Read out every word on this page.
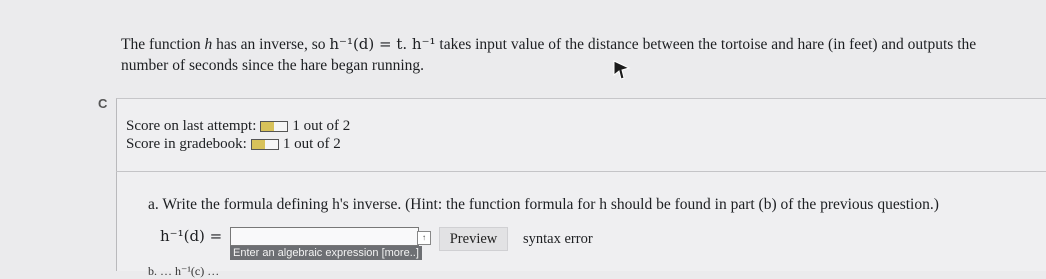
The function h has an inverse, so h⁻¹(d) = t. h⁻¹ takes input value of the distance between the tortoise and hare (in feet) and outputs the number of seconds since the hare began running.
C
Score on last attempt: 1 out of 2
Score in gradebook: 1 out of 2
a. Write the formula defining h's inverse. (Hint: the function formula for h should be found in part (b) of the previous question.)
h⁻¹(d) =	↑
Enter an algebraic expression [more..]
Preview	syntax error
b. … h⁻¹(c) …
